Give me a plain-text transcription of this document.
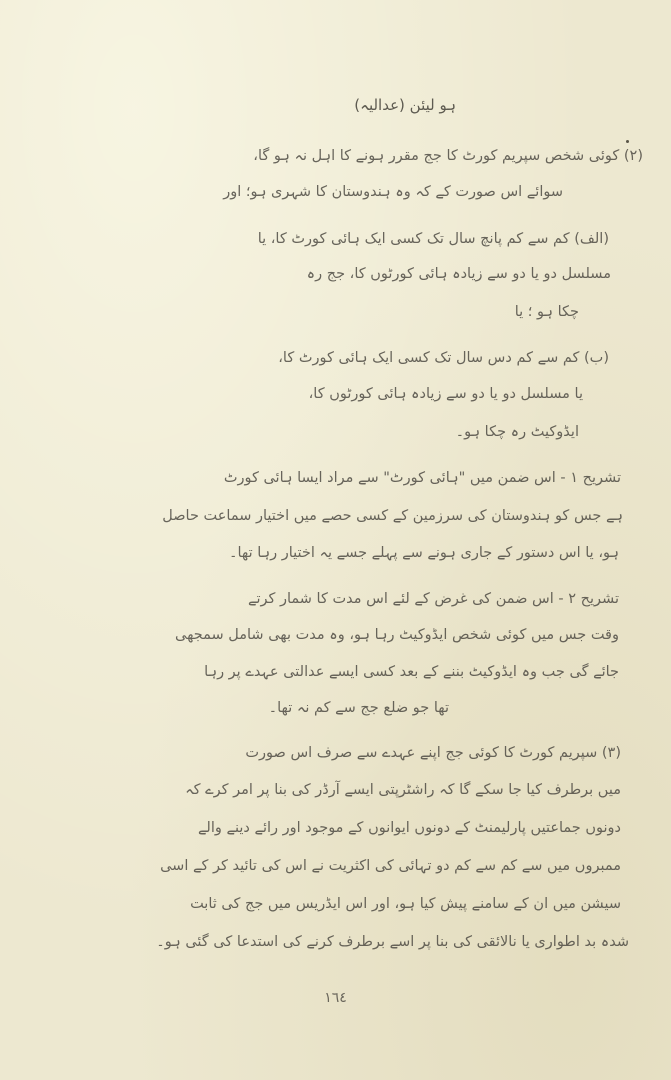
ہو لیئن (عدالیہ)
(۲) کوئی شخص سپریم کورٹ کا جج مقرر ہونے کا اہل نہ ہو گا،
سوائے اس صورت کے کہ وہ ہندوستان کا شہری ہو؛ اور
(الف) کم سے کم پانچ سال تک کسی ایک ہائی کورٹ کا، یا
مسلسل دو یا دو سے زیادہ ہائی کورٹوں کا، جج رہ
چکا ہو ؛ یا
(ب) کم سے کم دس سال تک کسی ایک ہائی کورٹ کا،
یا مسلسل دو یا دو سے زیادہ ہائی کورٹوں کا،
ایڈوکیٹ رہ چکا ہو۔
تشریح ۱ - اس ضمن میں "ہائی کورٹ" سے مراد ایسا ہائی کورٹ
ہے جس کو ہندوستان کی سرزمین کے کسی حصے میں اختیار سماعت حاصل
ہو، یا اس دستور کے جاری ہونے سے پہلے جسے یہ اختیار رہا تھا۔
تشریح ۲ - اس ضمن کی غرض کے لئے اس مدت کا شمار کرتے
وقت جس میں کوئی شخص ایڈوکیٹ رہا ہو، وہ مدت بھی شامل سمجھی
جائے گی جب وہ ایڈوکیٹ بننے کے بعد کسی ایسے عدالتی عہدے پر رہا
تھا جو ضلع جج سے کم نہ تھا۔
(۳) سپریم کورٹ کا کوئی جج اپنے عہدے سے صرف اس صورت
میں برطرف کیا جا سکے گا کہ راشٹرپتی ایسے آرڈر کی بنا پر امر کرے کہ
دونوں جماعتیں پارلیمنٹ کے دونوں ایوانوں کے موجود اور رائے دینے والے
ممبروں میں سے کم سے کم دو تہائی کی اکثریت نے اس کی تائید کر کے اسی
سیشن میں ان کے سامنے پیش کیا ہو، اور اس ایڈریس میں جج کی ثابت
شدہ بد اطواری یا نالائقی کی بنا پر اسے برطرف کرنے کی استدعا کی گئی ہو۔
١٦٤
